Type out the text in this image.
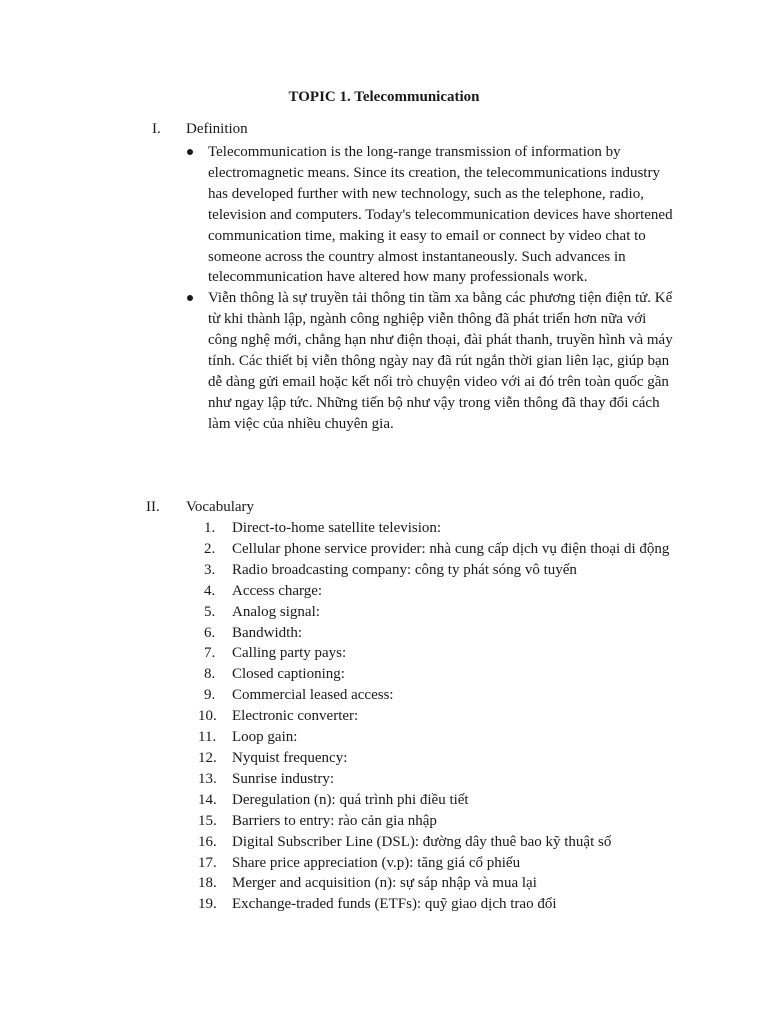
TOPIC 1. Telecommunication
I. Definition
Telecommunication is the long-range transmission of information by electromagnetic means. Since its creation, the telecommunications industry has developed further with new technology, such as the telephone, radio, television and computers. Today's telecommunication devices have shortened communication time, making it easy to email or connect by video chat to someone across the country almost instantaneously. Such advances in telecommunication have altered how many professionals work.
Viễn thông là sự truyền tải thông tin tầm xa bằng các phương tiện điện tử. Kể từ khi thành lập, ngành công nghiệp viễn thông đã phát triển hơn nữa với công nghệ mới, chẳng hạn như điện thoại, đài phát thanh, truyền hình và máy tính. Các thiết bị viễn thông ngày nay đã rút ngắn thời gian liên lạc, giúp bạn dễ dàng gửi email hoặc kết nối trò chuyện video với ai đó trên toàn quốc gần như ngay lập tức. Những tiến bộ như vậy trong viễn thông đã thay đổi cách làm việc của nhiều chuyên gia.
II. Vocabulary
1.	Direct-to-home satellite television:
2.	Cellular phone service provider: nhà cung cấp dịch vụ điện thoại di động
3.	Radio broadcasting company: công ty phát sóng vô tuyến
4.	Access charge:
5.	Analog signal:
6.	Bandwidth:
7.	Calling party pays:
8.	Closed captioning:
9.	Commercial leased access:
10.	Electronic converter:
11.	Loop gain:
12.	Nyquist frequency:
13.	Sunrise industry:
14.	Deregulation (n): quá trình phi điều tiết
15.	Barriers to entry: rào cản gia nhập
16.	Digital Subscriber Line (DSL): đường dây thuê bao kỹ thuật số
17.	Share price appreciation (v.p): tăng giá cổ phiếu
18.	Merger and acquisition (n): sự sáp nhập và mua lại
19.	Exchange-traded funds (ETFs): quỹ giao dịch trao đổi
